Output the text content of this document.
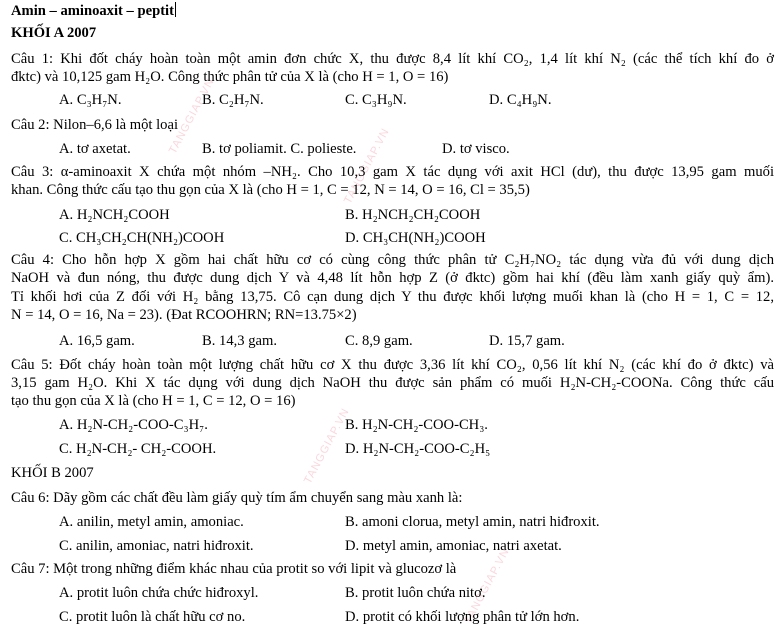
TANGGIAP.VN
TANGGIAP.VN
TANGGIAP.VN
TANGGIAP.VN
Amin – aminoaxit – peptit
KHỐI A 2007
Câu 1: Khi đốt cháy hoàn toàn một amin đơn chức X, thu được 8,4 lít khí CO₂, 1,4 lít khí N₂ (các thể tích khí đo ở
đktc) và 10,125 gam H₂O. Công thức phân tử của X là (cho H = 1, O = 16)
A. C₃H₇N.	B. C₂H₇N.	C. C₃H₉N.	D. C₄H₉N.
Câu 2: Nilon–6,6 là một loại
A. tơ axetat.	B. tơ poliamit. C. polieste.	D. tơ visco.
Câu 3: α-aminoaxit X chứa một nhóm –NH₂. Cho 10,3 gam X tác dụng với axit HCl (dư), thu được 13,95 gam muối
khan. Công thức cấu tạo thu gọn của X là (cho H = 1, C = 12, N = 14, O = 16, Cl = 35,5)
A. H₂NCH₂COOH	B. H₂NCH₂CH₂COOH
C. CH₃CH₂CH(NH₂)COOH	D. CH₃CH(NH₂)COOH
Câu 4: Cho hỗn hợp X gồm hai chất hữu cơ có cùng công thức phân tử C₂H₇NO₂ tác dụng vừa đủ với dung dịch
NaOH và đun nóng, thu được dung dịch Y và 4,48 lít hỗn hợp Z (ở đktc) gồm hai khí (đều làm xanh giấy quỳ ẩm).
Tỉ khối hơi của Z đối với H₂ bằng 13,75. Cô cạn dung dịch Y thu được khối lượng muối khan là (cho H = 1, C = 12,
N = 14, O = 16, Na = 23). (Đat RCOOHRN; RN=13.75×2)
A. 16,5 gam.	B. 14,3 gam.	C. 8,9 gam.	D. 15,7 gam.
Câu 5: Đốt cháy hoàn toàn một lượng chất hữu cơ X thu được 3,36 lít khí CO₂, 0,56 lít khí N₂ (các khí đo ở đktc) và
3,15 gam H₂O. Khi X tác dụng với dung dịch NaOH thu được sản phẩm có muối H₂N-CH₂-COONa. Công thức cấu
tạo thu gọn của X là (cho H = 1, C = 12, O = 16)
A. H₂N-CH₂-COO-C₃H₇.	B. H₂N-CH₂-COO-CH₃.
C. H₂N-CH₂- CH₂-COOH.	D. H₂N-CH₂-COO-C₂H₅
KHỐI B 2007
Câu 6: Dãy gồm các chất đều làm giấy quỳ tím ẩm chuyển sang màu xanh là:
A. anilin, metyl amin, amoniac.	B. amoni clorua, metyl amin, natri hiđroxit.
C. anilin, amoniac, natri hiđroxit.	D. metyl amin, amoniac, natri axetat.
Câu 7: Một trong những điểm khác nhau của protit so với lipit và glucozơ là
A. protit luôn chứa chức hiđroxyl.	B. protit luôn chứa nitơ.
C. protit luôn là chất hữu cơ no.	D. protit có khối lượng phân tử lớn hơn.
